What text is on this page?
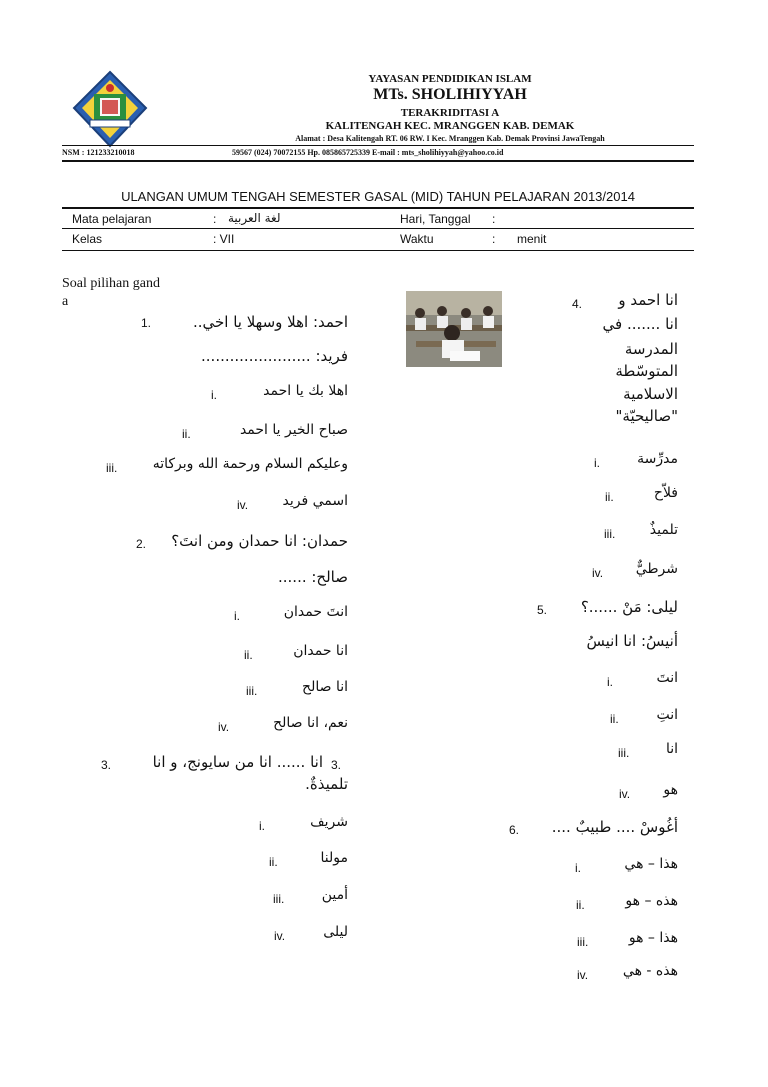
YAYASAN PENDIDIKAN ISLAM
MTs. SHOLIHIYYAH
TERAKRIDITASI A
KALITENGAH KEC. MRANGGEN KAB. DEMAK
Alamat : Desa Kalitengah RT. 06 RW. I Kec. Mranggen Kab. Demak Provinsi JawaTengah
NSM : 121233210018	59567 (024) 70072155 Hp. 085865725339 E-mail : mts_sholihiyyah@yahoo.co.id
ULANGAN UMUM TENGAH SEMESTER GASAL (MID) TAHUN PELAJARAN 2013/2014
Mata pelajaran	: لغة العربية	Hari, Tanggal :
Kelas	: VII	Waktu	: menit
Soal pilihan gand
a
1.	احمد: اهلا وسهلا يا اخي..
فريد: .......................
i.	اهلا بك يا احمد
ii.	صباح الخير يا احمد
iii.	وعليكم السلام ورحمة الله وبركاته
iv. اسمي فريد
2. حمدان: انا حمدان ومن انتَ؟
صالح: ......
i.	انتَ حمدان
ii.	انا حمدان
iii.	انا صالح
iv.	نعم، انا صالح
3.	3.
انا ...... انا من سايونج، و انا
تلميذةٌ.
i.	شريف
ii.	مولنا
iii.	أمين
iv.	ليلى
4. انا احمد و
انا ....... في
المدرسة
المتوسّطة
الاسلامية
"صاليحيّة"
i.	مدرِّسة
ii.	فلاّح
iii. تلميذٌ
iv. شرطيٌّ
5. ليلى: مَنْ ......؟
أنيسُ: انا انيسُ
i.	انتَ
ii.	انتِ
iii.	انا
iv. هو
6. أغُوسْ .... طبيبٌ ....
i.	هذا – هي
ii.	هذه – هو
iii.	هذا – هو
iv. هذه - هي
